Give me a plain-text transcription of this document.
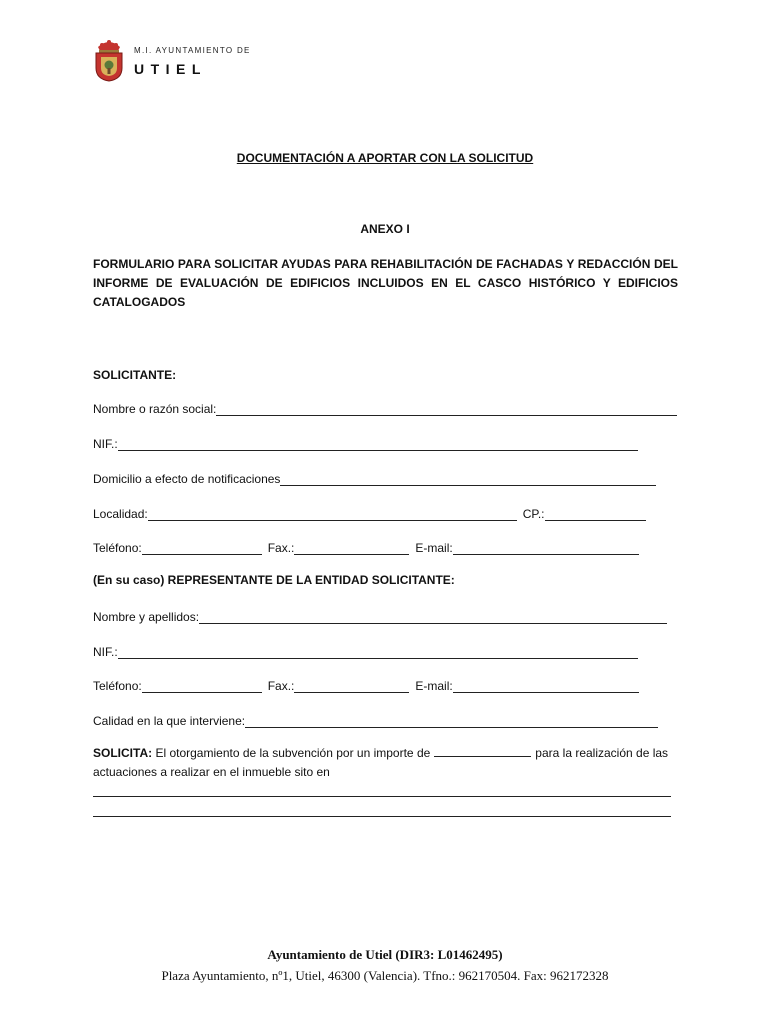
M.I. AYUNTAMIENTO DE
UTIEL
DOCUMENTACIÓN A APORTAR CON LA SOLICITUD
ANEXO I
FORMULARIO PARA SOLICITAR AYUDAS PARA REHABILITACIÓN DE FACHADAS Y REDACCIÓN DEL INFORME DE EVALUACIÓN DE EDIFICIOS INCLUIDOS EN EL CASCO HISTÓRICO Y EDIFICIOS CATALOGADOS
SOLICITANTE:
Nombre o razón social:
NIF.:
Domicilio a efecto de notificaciones
Localidad:	CP.:
Teléfono:	Fax.:	E-mail:
(En su caso) REPRESENTANTE DE LA ENTIDAD SOLICITANTE:
Nombre y apellidos:
NIF.:
Teléfono:	Fax.:	E-mail:
Calidad en la que interviene:
SOLICITA: El otorgamiento de la subvención por un importe de	para la realización de las actuaciones a realizar en el inmueble sito en
Ayuntamiento de Utiel (DIR3: L01462495)
Plaza Ayuntamiento, nº1, Utiel, 46300 (Valencia). Tfno.: 962170504. Fax: 962172328
